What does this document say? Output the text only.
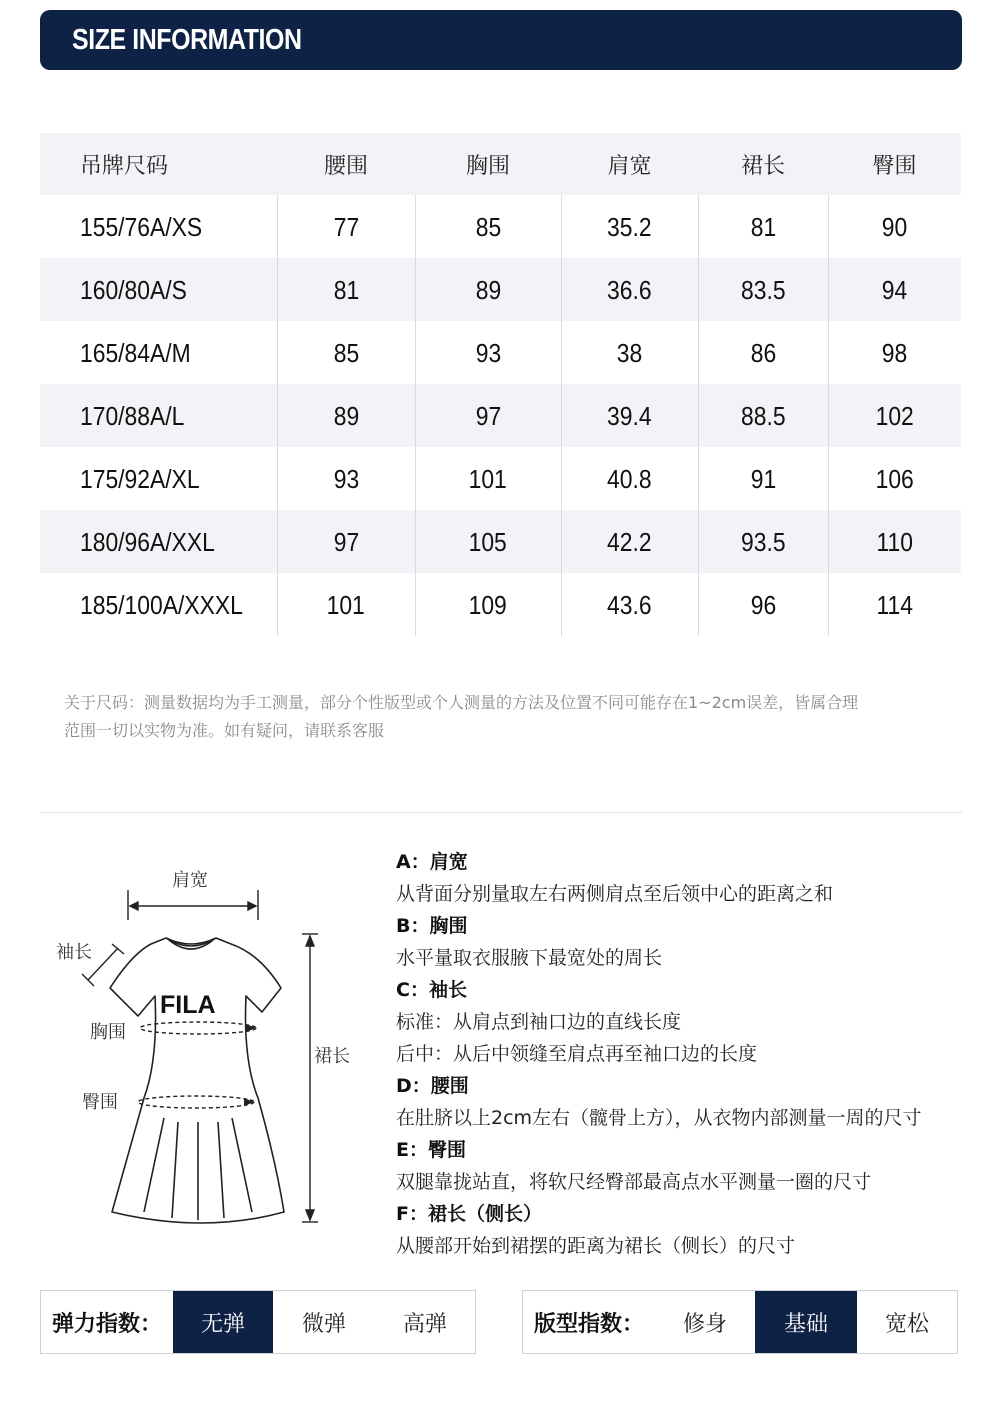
SIZE INFORMATION
吊牌尺码	腰围	胸围	肩宽	裙长	臀围
155/76A/XS	77	85	35.2	81	90
160/80A/S	81	89	36.6	83.5	94
165/84A/M	85	93	38	86	98
170/88A/L	89	97	39.4	88.5	102
175/92A/XL	93	101	40.8	91	106
180/96A/XXL	97	105	42.2	93.5	110
185/100A/XXXL	101	109	43.6	96	114
关于尺码：测量数据均为手工测量，部分个性版型或个人测量的方法及位置不同可能存在1~2cm误差，皆属合理
范围一切以实物为准。如有疑问，请联系客服
FILA
肩宽
袖长
胸围
臀围
裙长
A：肩宽
从背面分别量取左右两侧肩点至后领中心的距离之和
B：胸围
水平量取衣服腋下最宽处的周长
C：袖长
标准：从肩点到袖口边的直线长度
后中：从后中领缝至肩点再至袖口边的长度
D：腰围
在肚脐以上2cm左右（髋骨上方），从衣物内部测量一周的尺寸
E：臀围
双腿靠拢站直，将软尺经臀部最高点水平测量一圈的尺寸
F：裙长（侧长）
从腰部开始到裙摆的距离为裙长（侧长）的尺寸
弹力指数：	无弹	微弹	高弹	版型指数：	修身	基础	宽松
